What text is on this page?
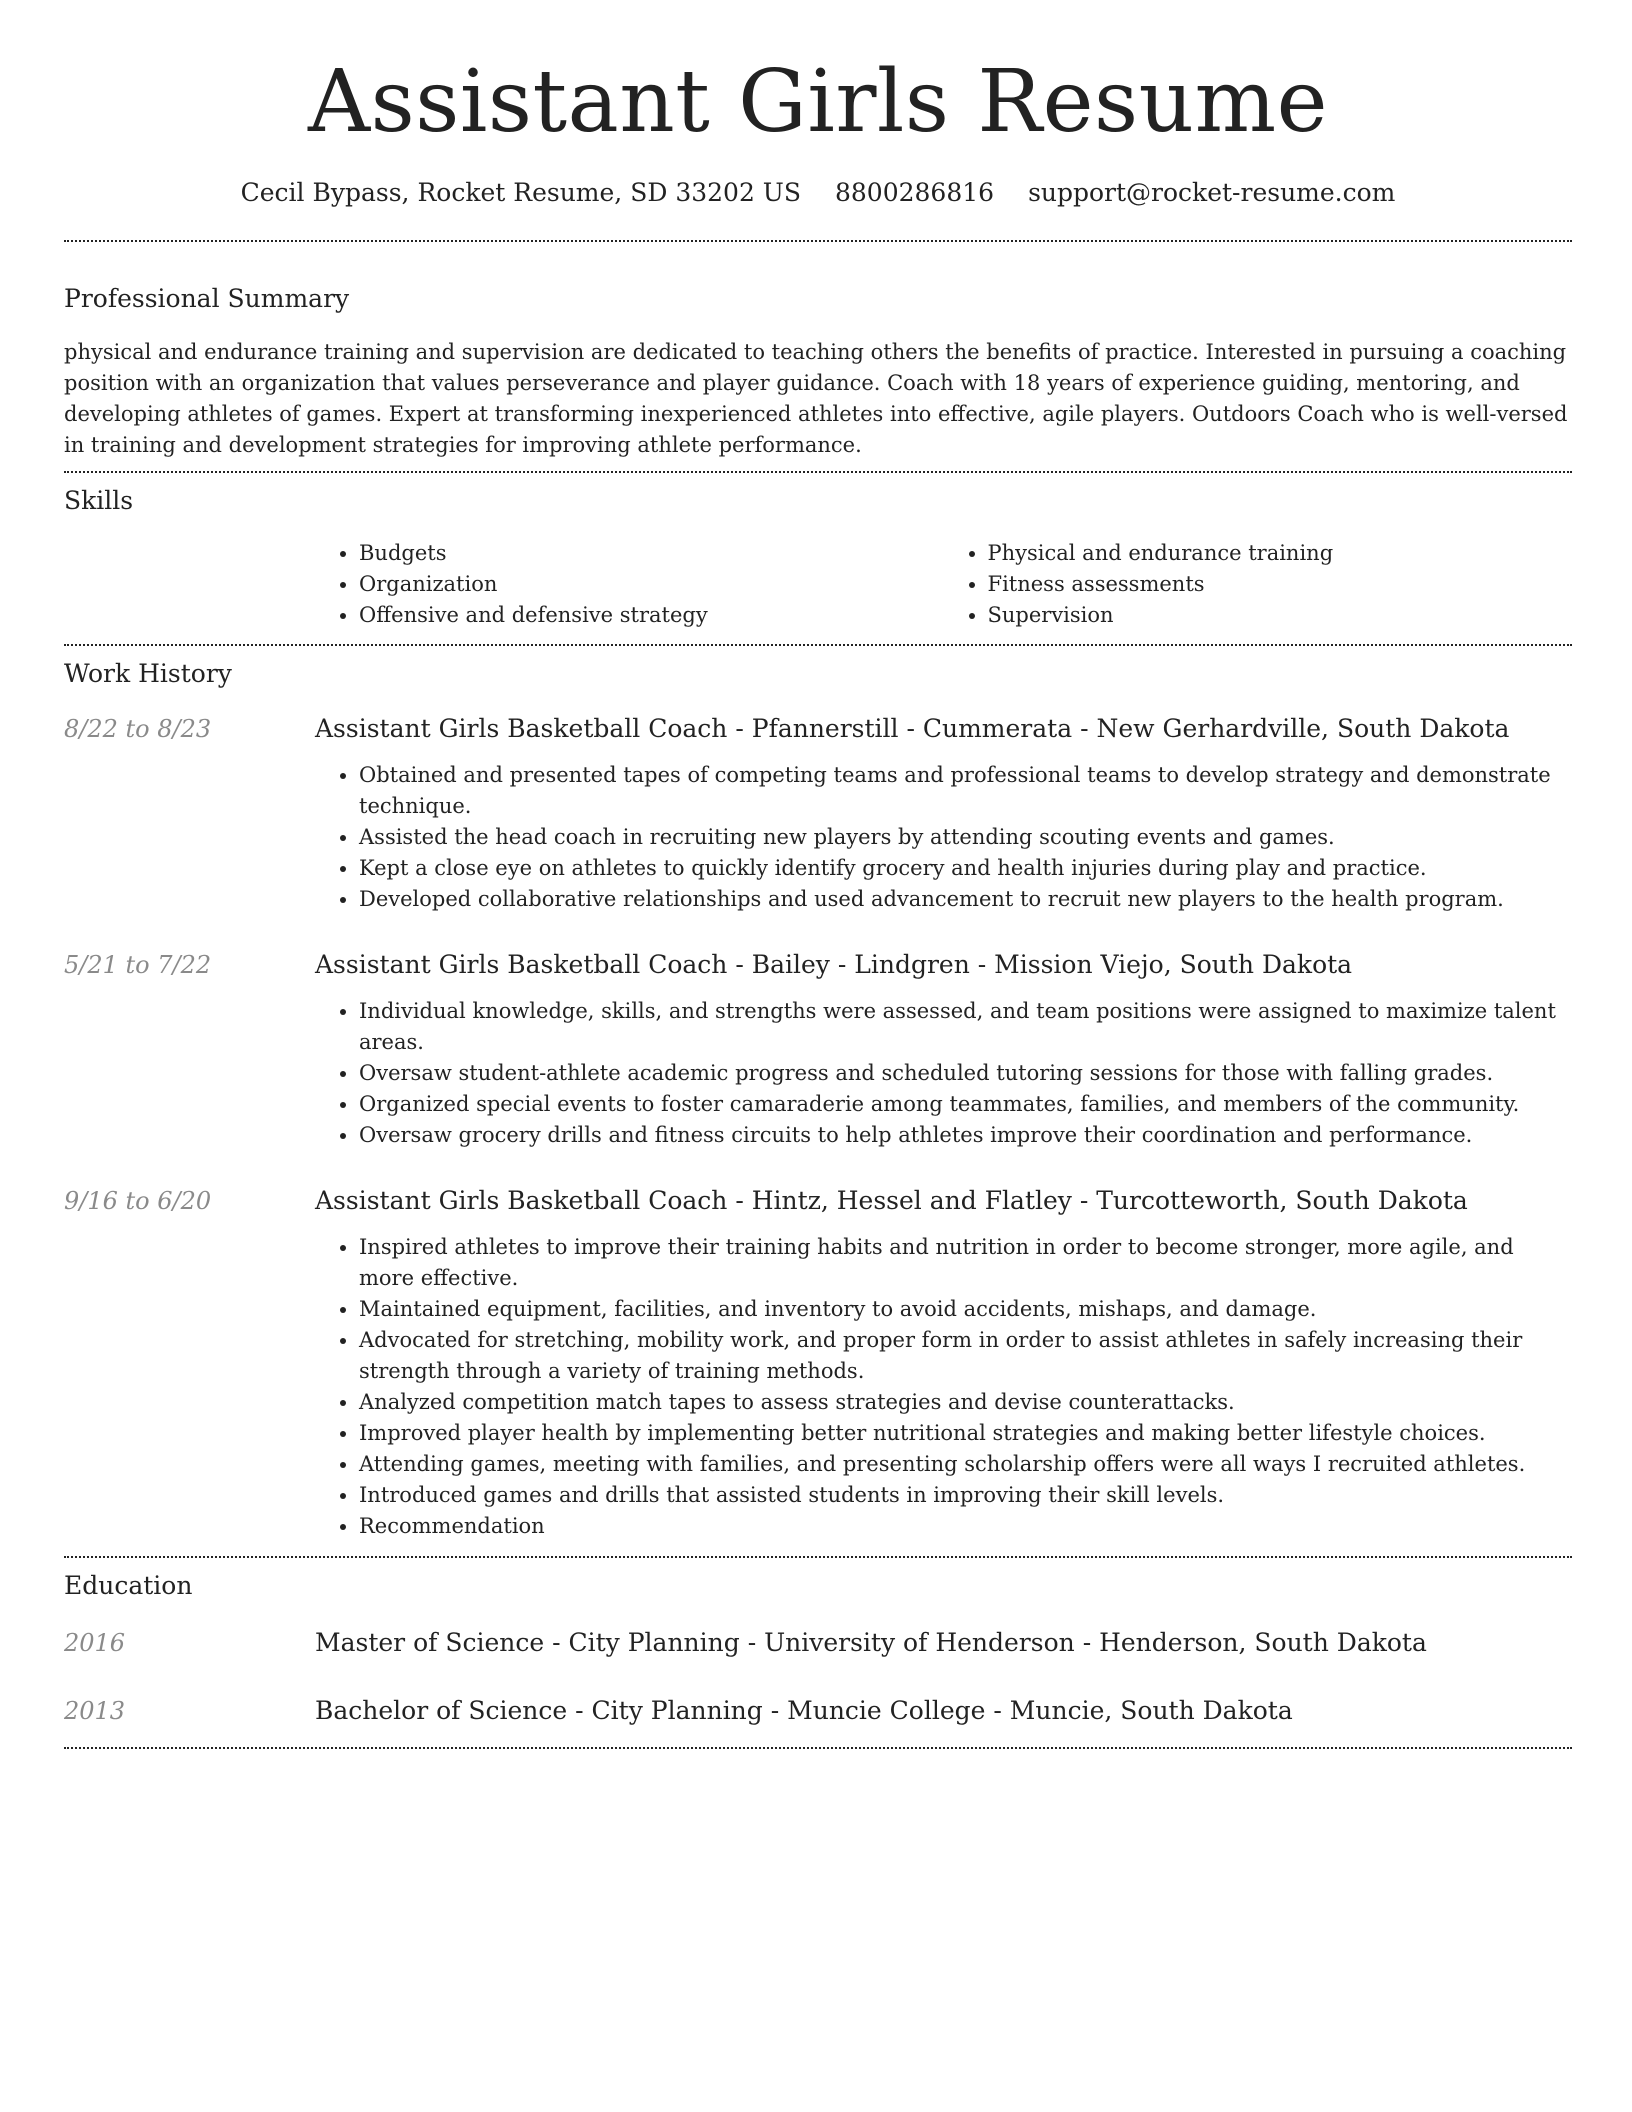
Assistant Girls Resume
Cecil Bypass, Rocket Resume, SD 33202 US 8800286816 support@rocket-resume.com
Professional Summary

physical and endurance training and supervision are dedicated to teaching others the benefits of practice. Interested in pursuing a coaching position with an organization that values perseverance and player guidance. Coach with 18 years of experience guiding, mentoring, and developing athletes of games. Expert at transforming inexperienced athletes into effective, agile players. Outdoors Coach who is well-versed in training and development strategies for improving athlete performance.

Skills
• Budgets
• Organization
• Offensive and defensive strategy
• Physical and endurance training
• Fitness assessments
• Supervision
Work History
8/22 to 8/23	Assistant Girls Basketball Coach - Pfannerstill - Cummerata - New Gerhardville, South Dakota
• Obtained and presented tapes of competing teams and professional teams to develop strategy and demonstrate technique.
• Assisted the head coach in recruiting new players by attending scouting events and games.
• Kept a close eye on athletes to quickly identify grocery and health injuries during play and practice.
• Developed collaborative relationships and used advancement to recruit new players to the health program.
5/21 to 7/22	Assistant Girls Basketball Coach - Bailey - Lindgren - Mission Viejo, South Dakota
• Individual knowledge, skills, and strengths were assessed, and team positions were assigned to maximize talent areas.
• Oversaw student-athlete academic progress and scheduled tutoring sessions for those with falling grades.
• Organized special events to foster camaraderie among teammates, families, and members of the community.
• Oversaw grocery drills and fitness circuits to help athletes improve their coordination and performance.
9/16 to 6/20	Assistant Girls Basketball Coach - Hintz, Hessel and Flatley - Turcotteworth, South Dakota
• Inspired athletes to improve their training habits and nutrition in order to become stronger, more agile, and more effective.
• Maintained equipment, facilities, and inventory to avoid accidents, mishaps, and damage.
• Advocated for stretching, mobility work, and proper form in order to assist athletes in safely increasing their strength through a variety of training methods.
• Analyzed competition match tapes to assess strategies and devise counterattacks.
• Improved player health by implementing better nutritional strategies and making better lifestyle choices.
• Attending games, meeting with families, and presenting scholarship offers were all ways I recruited athletes.
• Introduced games and drills that assisted students in improving their skill levels.
• Recommendation
Education
2016	Master of Science - City Planning - University of Henderson - Henderson, South Dakota
2013	Bachelor of Science - City Planning - Muncie College - Muncie, South Dakota
